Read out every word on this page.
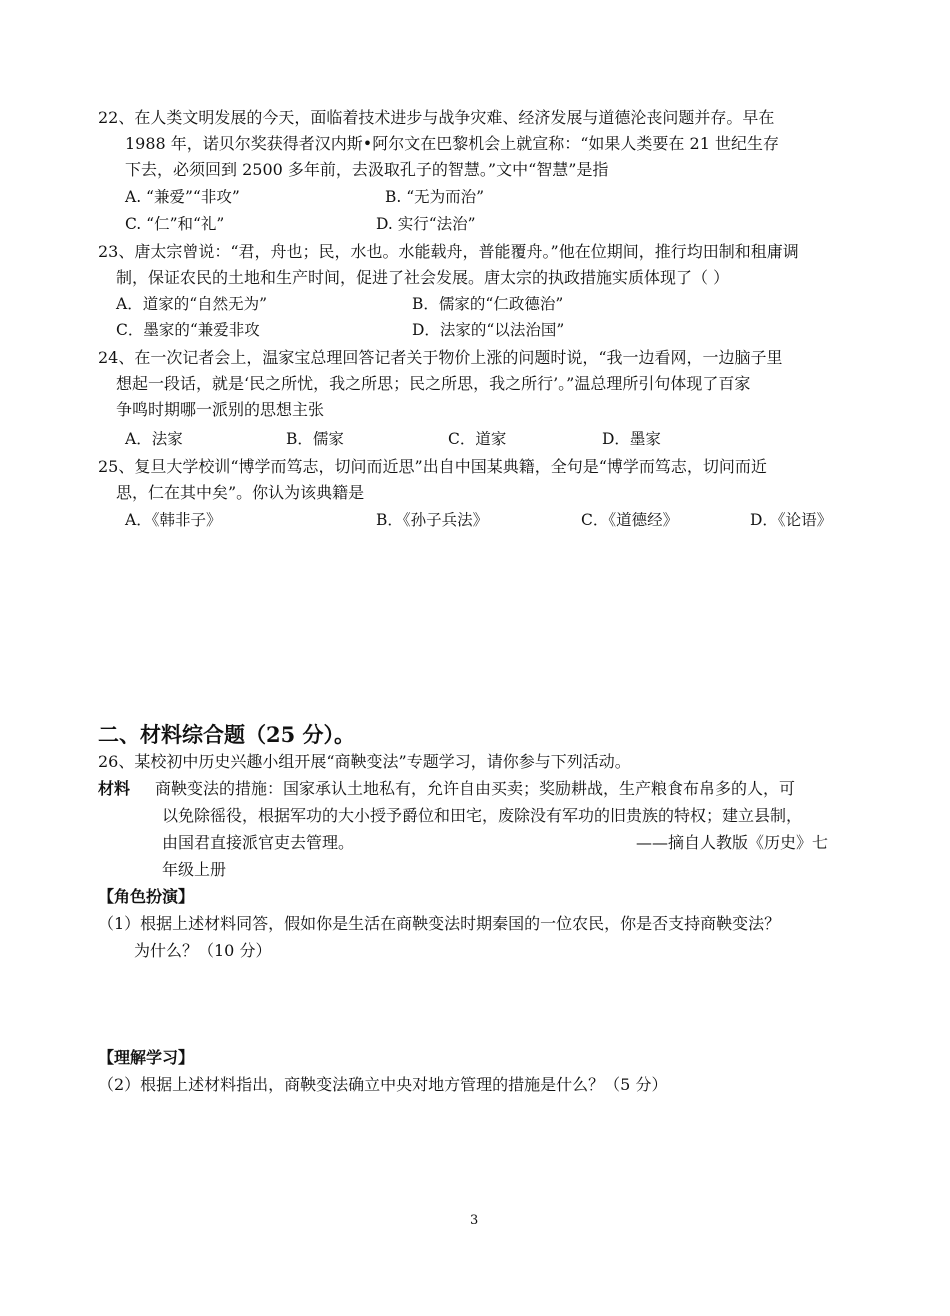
22、在人类文明发展的今天，面临着技术进步与战争灾难、经济发展与道德沦丧问题并存。早在
1988 年，诺贝尔奖获得者汉内斯•阿尔文在巴黎机会上就宣称：“如果人类要在 21 世纪生存
下去，必须回到 2500 多年前，去汲取孔子的智慧。”文中“智慧”是指
A. “兼爱”“非攻”	B. “无为而治”
C. “仁”和“礼”	D. 实行“法治”
23、唐太宗曾说：“君，舟也；民，水也。水能载舟，普能覆舟。”他在位期间，推行均田制和租庸调
制，保证农民的土地和生产时间，促进了社会发展。唐太宗的执政措施实质体现了（ ）
A．道家的“自然无为”	B．儒家的“仁政德治”
C．墨家的“兼爱非攻	D．法家的“以法治国”
24、在一次记者会上，温家宝总理回答记者关于物价上涨的问题时说，“我一边看网，一边脑子里
想起一段话，就是‘民之所忧，我之所思；民之所思，我之所行’。”温总理所引句体现了百家
争鸣时期哪一派别的思想主张
A．法家	B．儒家	C．道家	D．墨家
25、复旦大学校训“博学而笃志，切问而近思”出自中国某典籍，全句是“博学而笃志，切问而近
思，仁在其中矣”。你认为该典籍是
A．《韩非子》	B．《孙子兵法》	C．《道德经》	D．《论语》
二、材料综合题（25 分）。
26、某校初中历史兴趣小组开展“商鞅变法”专题学习，请你参与下列活动。
材料 商鞅变法的措施：国家承认土地私有，允许自由买卖；奖励耕战，生产粮食布帛多的人，可
以免除徭役，根据军功的大小授予爵位和田宅，废除没有军功的旧贵族的特权；建立县制，
由国君直接派官吏去管理。	——摘自人教版《历史》七
年级上册
【角色扮演】
（1）根据上述材料同答，假如你是生活在商鞅变法时期秦国的一位农民，你是否支持商鞅变法？
为什么？（10 分）
【理解学习】
（2）根据上述材料指出，商鞅变法确立中央对地方管理的措施是什么？（5 分）
3
